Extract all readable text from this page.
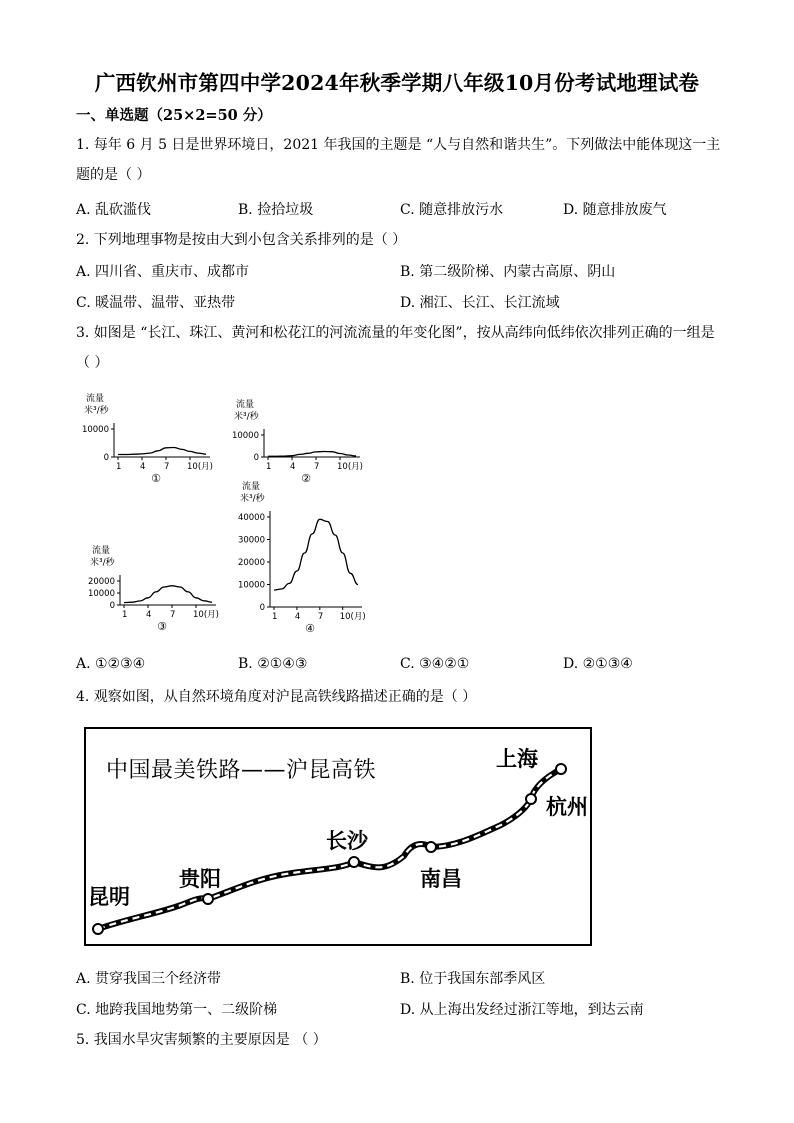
广西钦州市第四中学2024年秋季学期八年级10月份考试地理试卷
一、单选题（25×2=50 分）
1. 每年 6 月 5 日是世界环境日，2021 年我国的主题是 “人与自然和谐共生”。下列做法中能体现这一主
题的是（ ）
A. 乱砍滥伐	B. 捡拾垃圾	C. 随意排放污水	D. 随意排放废气
2. 下列地理事物是按由大到小包含关系排列的是（ ）
A. 四川省、重庆市、成都市	B. 第二级阶梯、内蒙古高原、阴山
C. 暖温带、温带、亚热带	D. 湘江、长江、长江流域
3. 如图是 “长江、珠江、黄河和松花江的河流流量的年变化图”，按从高纬向低纬依次排列正确的一组是
（ ）
流量
米³/秒
10000
0
1 4 7 10(月)
①
流量
米³/秒
10000
0
1 4 7 10(月)
②
流量
米³/秒
20000
10000
0
1 4 7 10(月)
③
流量
米³/秒
40000
30000
20000
10000
0
1 4 7 10(月)
④
A. ①②③④	B. ②①④③	C. ③④②①	D. ②①③④
4. 观察如图，从自然环境角度对沪昆高铁线路描述正确的是（ ）
中国最美铁路——沪昆高铁
昆明
贵阳
长沙
南昌
杭州
上海
A. 贯穿我国三个经济带	B. 位于我国东部季风区
C. 地跨我国地势第一、二级阶梯	D. 从上海出发经过浙江等地，到达云南
5. 我国水旱灾害频繁的主要原因是 （ ）
